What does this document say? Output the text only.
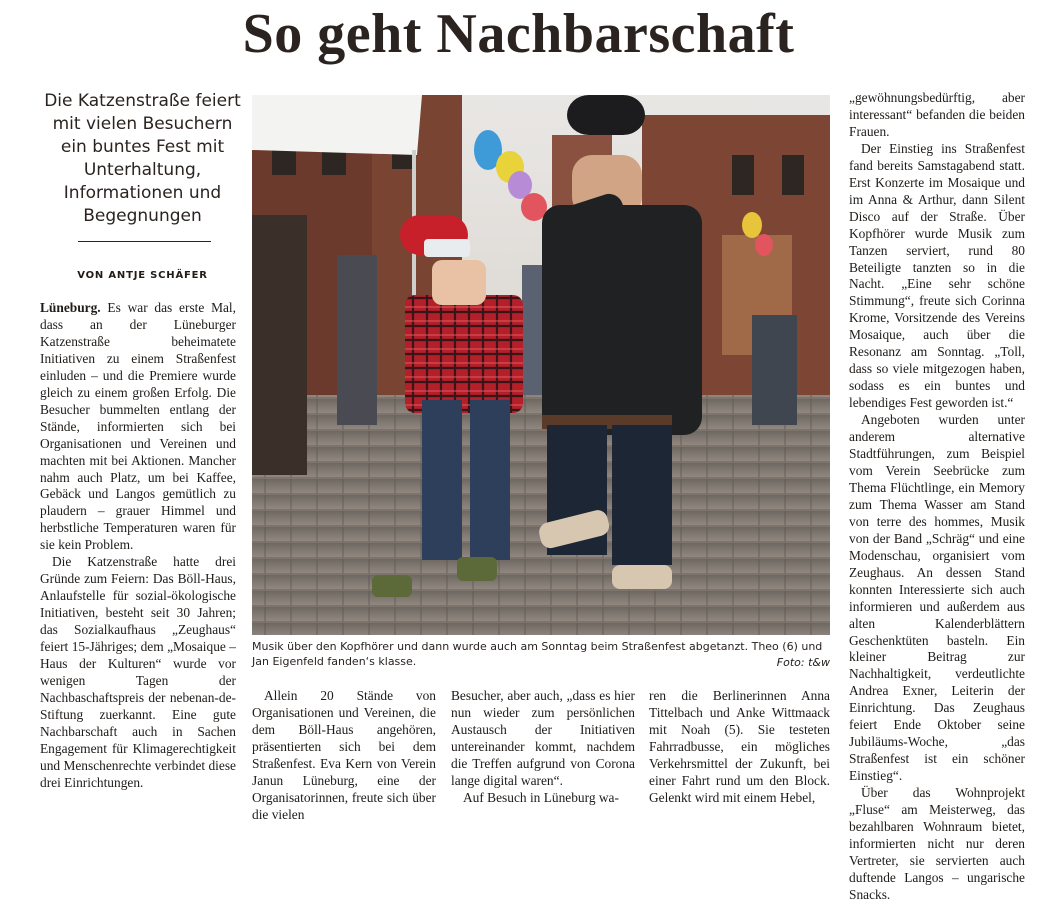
So geht Nachbarschaft
Die Katzenstraße feiert mit vielen Besuchern ein buntes Fest mit Unterhaltung, Informationen und Begegnungen
VON ANTJE SCHÄFER

Lüneburg. Es war das erste Mal, dass an der Lüneburger Katzenstraße beheimatete Initiativen zu einem Straßenfest einluden – und die Premiere wurde gleich zu einem großen Erfolg. Die Besucher bummelten entlang der Stände, informierten sich bei Organisationen und Vereinen und machten mit bei Aktionen. Mancher nahm auch Platz, um bei Kaffee, Gebäck und Langos gemütlich zu plaudern – grauer Himmel und herbstliche Temperaturen waren für sie kein Problem.

Die Katzenstraße hatte drei Gründe zum Feiern: Das Böll-Haus, Anlaufstelle für sozial-ökologische Initiativen, besteht seit 30 Jahren; das Sozialkaufhaus „Zeughaus“ feiert 15-Jähriges; dem „Mosaique – Haus der Kulturen“ wurde vor wenigen Tagen der Nachbaschaftspreis der nebenan-de-Stiftung zuerkannt. Eine gute Nachbarschaft auch in Sachen Engagement für Klimagerechtigkeit und Menschenrechte verbindet diese drei Einrichtungen.

Musik über den Kopfhörer und dann wurde auch am Sonntag beim Straßenfest abgetanzt. Theo (6) und Jan Eigenfeld fanden‘s klasse.	Foto: t&w

Allein 20 Stände von Organisationen und Vereinen, die dem Böll-Haus angehören, präsentierten sich bei dem Straßenfest. Eva Kern von Verein Janun Lüneburg, eine der Organisatorinnen, freute sich über die vielen

Besucher, aber auch, „dass es hier nun wieder zum persönlichen Austausch der Initiativen untereinander kommt, nachdem die Treffen aufgrund von Corona lange digital waren“.

Auf Besuch in Lüneburg wa-

ren die Berlinerinnen Anna Tittelbach und Anke Wittmaack mit Noah (5). Sie testeten Fahrradbusse, ein mögliches Verkehrsmittel der Zukunft, bei einer Fahrt rund um den Block. Gelenkt wird mit einem Hebel,

„gewöhnungsbedürftig, aber interessant“ befanden die beiden Frauen.

Der Einstieg ins Straßenfest fand bereits Samstagabend statt. Erst Konzerte im Mosaique und im Anna & Arthur, dann Silent Disco auf der Straße. Über Kopfhörer wurde Musik zum Tanzen serviert, rund 80 Beteiligte tanzten so in die Nacht. „Eine sehr schöne Stimmung“, freute sich Corinna Krome, Vorsitzende des Vereins Mosaique, auch über die Resonanz am Sonntag. „Toll, dass so viele mitgezogen haben, sodass es ein buntes und lebendiges Fest geworden ist.“

Angeboten wurden unter anderem alternative Stadtführungen, zum Beispiel vom Verein Seebrücke zum Thema Flüchtlinge, ein Memory zum Thema Wasser am Stand von terre des hommes, Musik von der Band „Schräg“ und eine Modenschau, organisiert vom Zeughaus. An dessen Stand konnten Interessierte sich auch informieren und außerdem aus alten Kalenderblättern Geschenktüten basteln. Ein kleiner Beitrag zur Nachhaltigkeit, verdeutlichte Andrea Exner, Leiterin der Einrichtung. Das Zeughaus feiert Ende Oktober seine Jubiläums-Woche, „das Straßenfest ist ein schöner Einstieg“.

Über das Wohnprojekt „Fluse“ am Meisterweg, das bezahlbaren Wohnraum bietet, informierten nicht nur deren Vertreter, sie servierten auch duftende Langos – ungarische Snacks.
